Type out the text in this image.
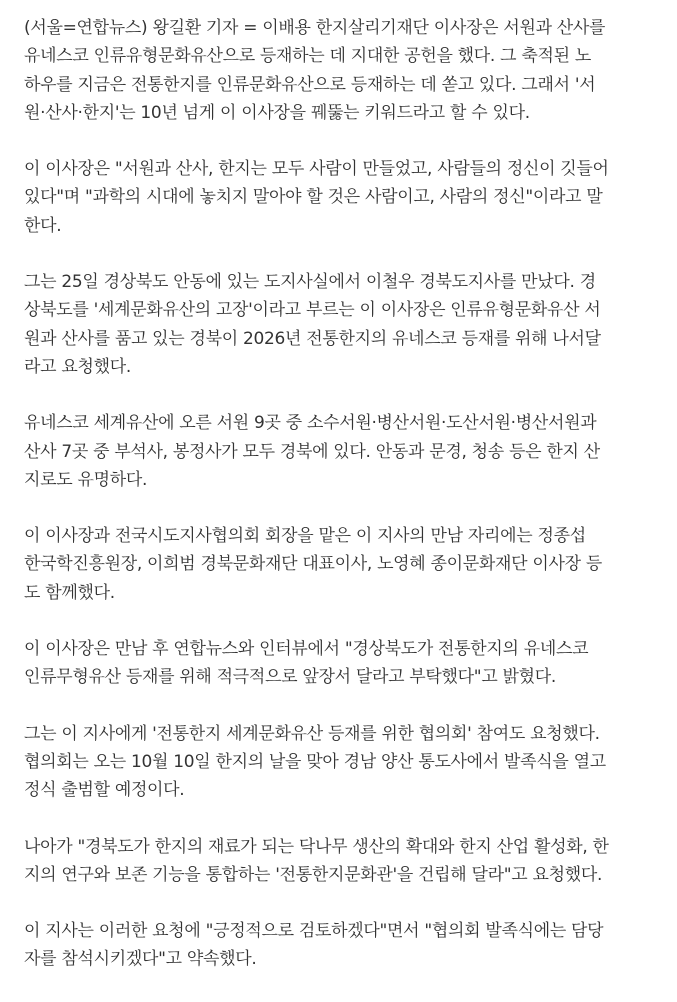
(서울=연합뉴스) 왕길환 기자 = 이배용 한지살리기재단 이사장은 서원과 산사를
유네스코 인류유형문화유산으로 등재하는 데 지대한 공헌을 했다. 그 축적된 노
하우를 지금은 전통한지를 인류문화유산으로 등재하는 데 쏟고 있다. 그래서 '서
원·산사·한지'는 10년 넘게 이 이사장을 꿰뚫는 키워드라고 할 수 있다.

이 이사장은 "서원과 산사, 한지는 모두 사람이 만들었고, 사람들의 정신이 깃들어
있다"며 "과학의 시대에 놓치지 말아야 할 것은 사람이고, 사람의 정신"이라고 말
한다.

그는 25일 경상북도 안동에 있는 도지사실에서 이철우 경북도지사를 만났다. 경
상북도를 '세계문화유산의 고장'이라고 부르는 이 이사장은 인류유형문화유산 서
원과 산사를 품고 있는 경북이 2026년 전통한지의 유네스코 등재를 위해 나서달
라고 요청했다.

유네스코 세계유산에 오른 서원 9곳 중 소수서원·병산서원·도산서원·병산서원과
산사 7곳 중 부석사, 봉정사가 모두 경북에 있다. 안동과 문경, 청송 등은 한지 산
지로도 유명하다.

이 이사장과 전국시도지사협의회 회장을 맡은 이 지사의 만남 자리에는 정종섭
한국학진흥원장, 이희범 경북문화재단 대표이사, 노영혜 종이문화재단 이사장 등
도 함께했다.

이 이사장은 만남 후 연합뉴스와 인터뷰에서 "경상북도가 전통한지의 유네스코
인류무형유산 등재를 위해 적극적으로 앞장서 달라고 부탁했다"고 밝혔다.

그는 이 지사에게 '전통한지 세계문화유산 등재를 위한 협의회' 참여도 요청했다.
협의회는 오는 10월 10일 한지의 날을 맞아 경남 양산 통도사에서 발족식을 열고
정식 출범할 예정이다.

나아가 "경북도가 한지의 재료가 되는 닥나무 생산의 확대와 한지 산업 활성화, 한
지의 연구와 보존 기능을 통합하는 '전통한지문화관'을 건립해 달라"고 요청했다.

이 지사는 이러한 요청에 "긍정적으로 검토하겠다"면서 "협의회 발족식에는 담당
자를 참석시키겠다"고 약속했다.
